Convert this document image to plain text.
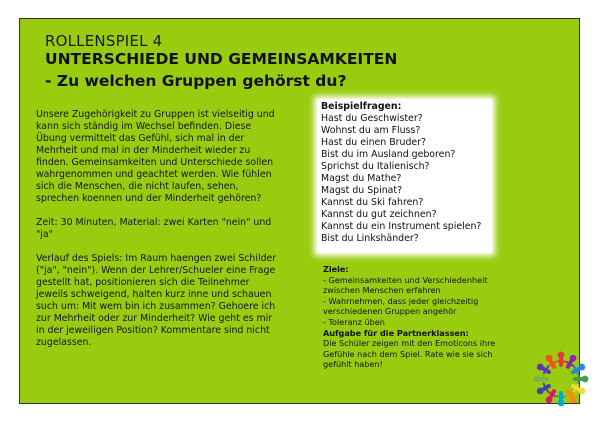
ROLLENSPIEL 4
UNTERSCHIEDE UND GEMEINSAMKEITEN
- Zu welchen Gruppen gehörst du?

Unsere Zugehörigkeit zu Gruppen ist vielseitig und kann sich ständig im Wechsel befinden. Diese Übung vermittelt das Gefühl, sich mal in der Mehrheit und mal in der Minderheit wieder zu finden. Gemeinsamkeiten und Unterschiede sollen wahrgenommen und geachtet werden. Wie fühlen sich die Menschen, die nicht laufen, sehen, sprechen koennen und der Minderheit gehören?

Zeit: 30 Minuten, Material: zwei Karten "nein" und "ja"

Verlauf des Spiels: Im Raum haengen zwei Schilder ("ja", "nein"). Wenn der Lehrer/Schueler eine Frage gestellt hat, positionieren sich die Teilnehmer jeweils schweigend, halten kurz inne und schauen such um: Mit wem bin ich zusammen? Gehoere ich zur Mehrheit oder zur Minderheit? Wie geht es mir in der jeweiligen Position? Kommentare sind nicht zugelassen.

Beispielfragen:
Hast du Geschwister?
Wohnst du am Fluss?
Hast du einen Bruder?
Bist du im Ausland geboren?
Sprichst du Italienisch?
Magst du Mathe?
Magst du Spinat?
Kannst du Ski fahren?
Kannst du gut zeichnen?
Kannst du ein Instrument spielen?
Bist du Linkshänder?
Ziele:
- Gemeinsamkeiten und Verschiedenheit zwischen Menschen erfahren
- Wahrnehmen, dass jeder gleichzeitig verschiedenen Gruppen angehör
- Toleranz üben
Aufgabe für die Partnerklassen:
Die Schüler zeigen mit den Emoticons ihre Gefühle nach dem Spiel. Rate wie sie sich gefühlt haben!
